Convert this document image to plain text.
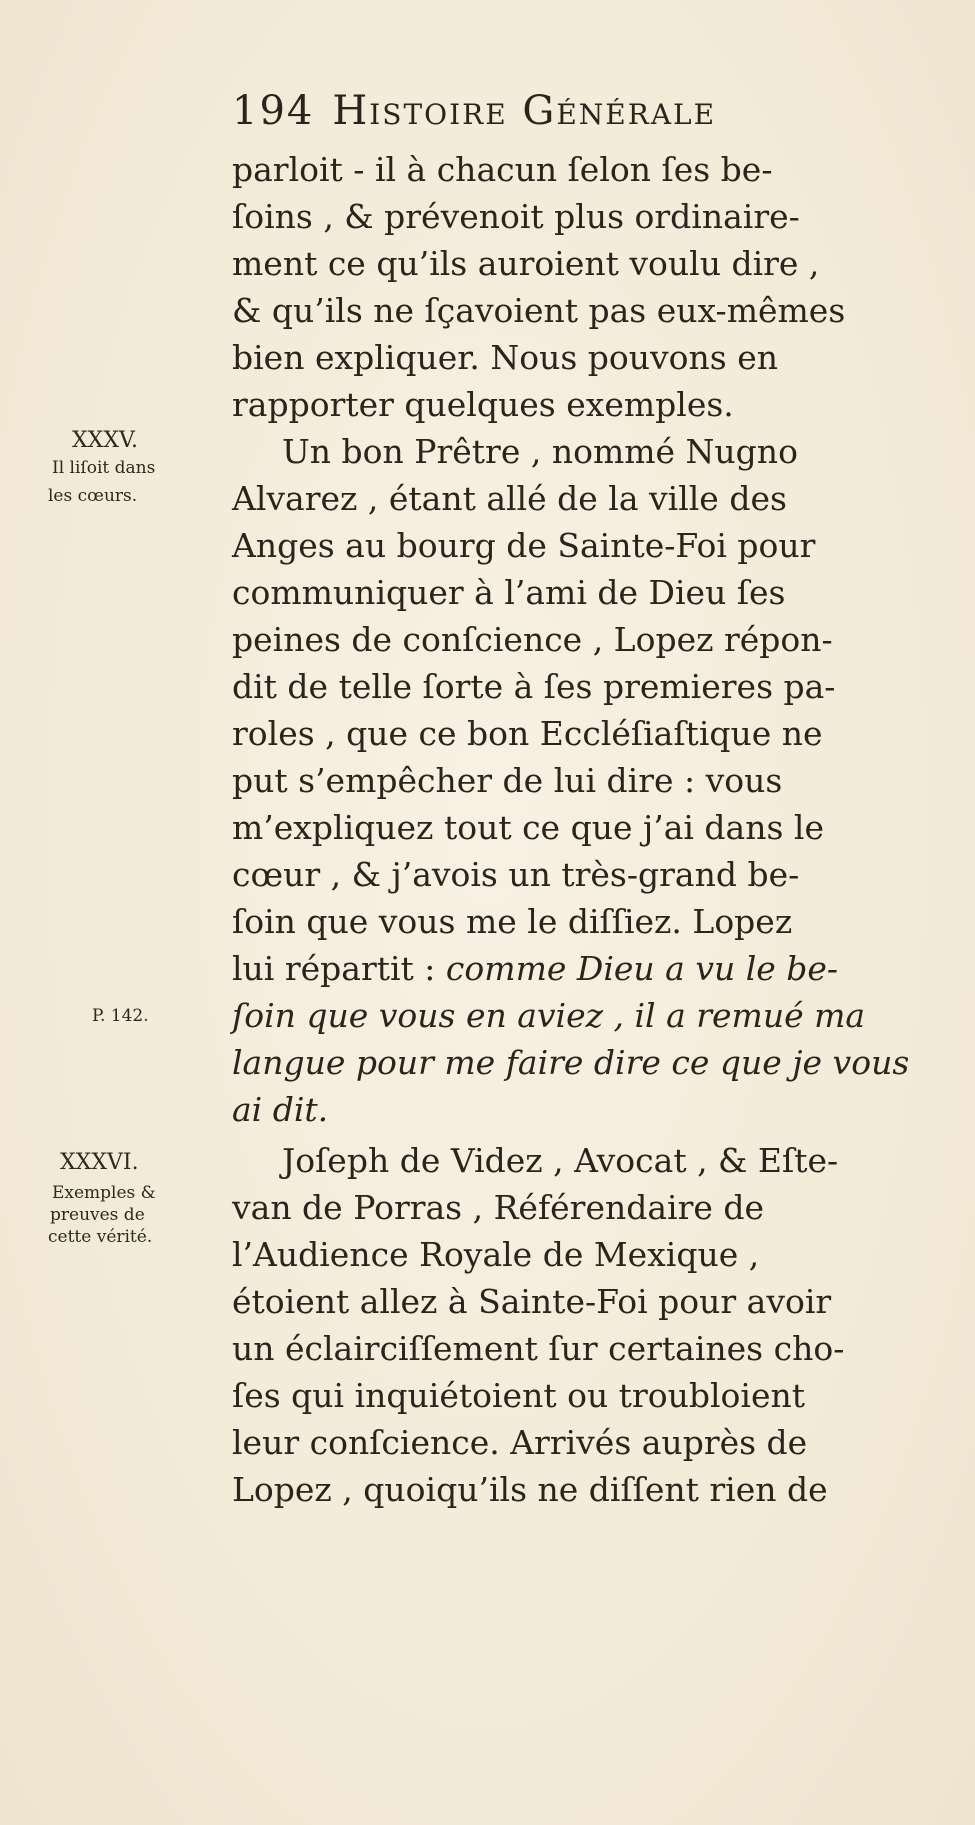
194 Histoire Générale
parloit - il à chacun ſelon ſes be-
ſoins , & prévenoit plus ordinaire-
ment ce qu’ils auroient voulu dire ,
& qu’ils ne ſçavoient pas eux-mêmes
bien expliquer. Nous pouvons en
rapporter quelques exemples.
Un bon Prêtre , nommé Nugno
Alvarez , étant allé de la ville des
Anges au bourg de Sainte-Foi pour
communiquer à l’ami de Dieu ſes
peines de conſcience , Lopez répon-
dit de telle ſorte à ſes premieres pa-
roles , que ce bon Eccléſiaſtique ne
put s’empêcher de lui dire : vous
m’expliquez tout ce que j’ai dans le
cœur , & j’avois un très-grand be-
ſoin que vous me le diſſiez. Lopez
lui répartit : comme Dieu a vu le be-
ſoin que vous en aviez , il a remué ma
langue pour me faire dire ce que je vous
ai dit.
Joſeph de Videz , Avocat , & Eſte-
van de Porras , Référendaire de
l’Audience Royale de Mexique ,
étoient allez à Sainte-Foi pour avoir
un éclairciſſement ſur certaines cho-
ſes qui inquiétoient ou troubloient
leur conſcience. Arrivés auprès de
Lopez , quoiqu’ils ne diſſent rien de
XXXV.
Il liſoit dans
les cœurs.
P. 142.
XXXVI.
Exemples &
preuves de
cette vérité.
